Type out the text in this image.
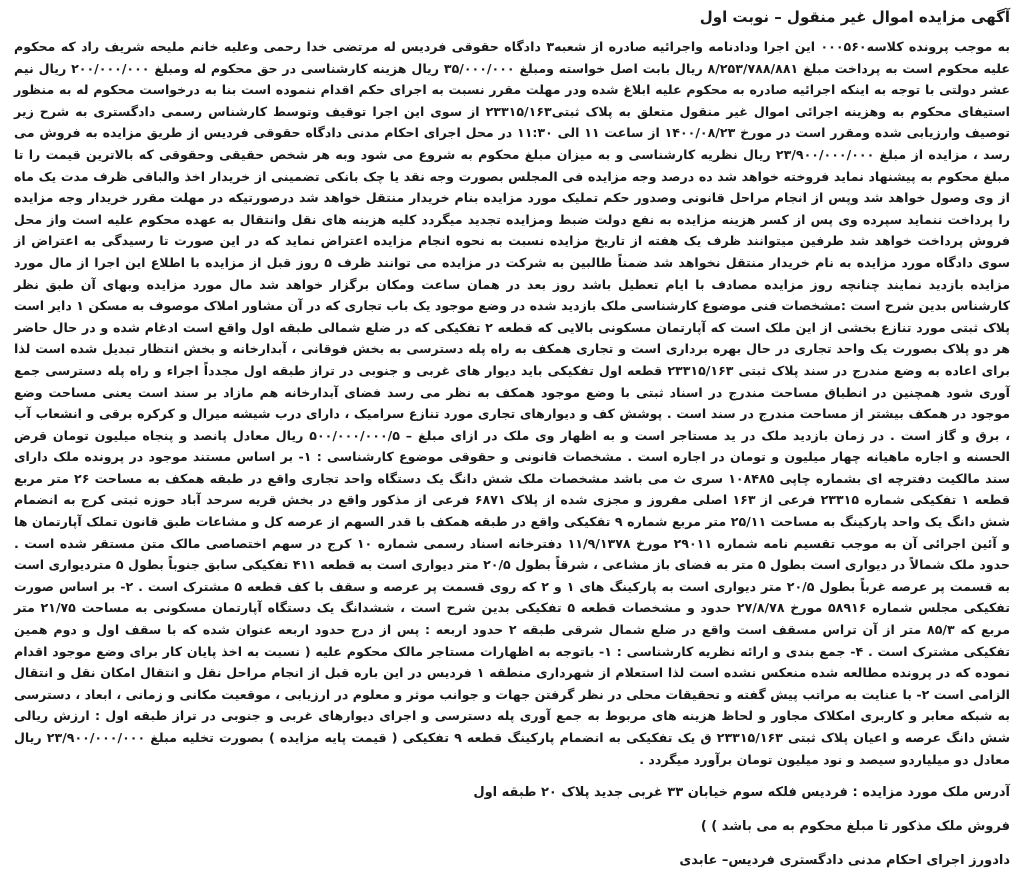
آگهی مزایده اموال غیر منقول – نوبت اول

به موجب پرونده کلاسه۰۰۰۵۶۰ این اجرا ودادنامه واجرائیه صادره از شعبه۳ دادگاه حقوقی فردیس له مرتضی خدا رحمی وعلیه خانم ملیحه شریف راد که محکوم علیه محکوم است به پرداخت مبلغ ۸/۲۵۳/۷۸۸/۸۸۱ ریال بابت اصل خواسته ومبلغ ۳۵/۰۰۰/۰۰۰ ریال هزینه کارشناسی در حق محکوم له ومبلغ ۲۰۰/۰۰۰/۰۰۰ ریال نیم عشر دولتی با توجه به اینکه اجرائیه صادره به محکوم علیه ابلاغ شده ودر مهلت مقرر نسبت به اجرای حکم اقدام ننموده است بنا به درخواست محکوم له به منظور استیفای محکوم به وهزینه اجرائی اموال غیر منقول متعلق به پلاک ثبتی۲۳۳۱۵/۱۶۳ از سوی این اجرا توقیف وتوسط کارشناس رسمی دادگستری به شرح زیر توصیف وارزیابی شده ومقرر است در مورخ ۱۴۰۰/۰۸/۲۳ از ساعت ۱۱ الی ۱۱:۳۰ در محل اجرای احکام مدنی دادگاه حقوقی فردیس از طریق مزایده به فروش می رسد ، مزایده از مبلغ ۲۳/۹۰۰/۰۰۰/۰۰۰ ریال نظریه کارشناسی و به میزان مبلغ محکوم به شروع می شود وبه هر شخص حقیقی وحقوقی که بالاترین قیمت را تا مبلغ محکوم به پیشنهاد نماید فروخته خواهد شد ده درصد وجه مزایده فی المجلس بصورت وجه نقد یا چک بانکی تضمینی از خریدار اخذ والباقی ظرف مدت یک ماه از وی وصول خواهد شد وپس از انجام مراحل قانونی وصدور حکم تملیک مورد مزایده بنام خریدار منتقل خواهد شد درصورتیکه در مهلت مقرر خریدار وجه مزایده را پرداخت ننماید سپرده وی پس از کسر هزینه مزایده به نفع دولت ضبط ومزایده تجدید میگردد کلیه هزینه های نقل وانتقال به عهده محکوم علیه است واز محل فروش پرداخت خواهد شد طرفین میتوانند ظرف یک هفته از تاریخ مزایده نسبت به نحوه انجام مزایده اعتراض نماید که در این صورت تا رسیدگی به اعتراض از سوی دادگاه مورد مزایده به نام خریدار منتقل نخواهد شد ضمناً طالبین به شرکت در مزایده می توانند ظرف ۵ روز قبل از مزایده با اطلاع این اجرا از مال مورد مزایده بازدید نمایند چنانچه روز مزایده مصادف با ایام تعطیل باشد روز بعد در همان ساعت ومکان برگزار خواهد شد مال مورد مزایده وبهای آن طبق نظر کارشناس بدین شرح است :مشخصات فنی موضوع کارشناسی ملک بازدید شده در وضع موجود یک باب تجاری که در آن مشاور املاک موصوف به مسکن ۱ دایر است پلاک ثبتی مورد تنازع بخشی از این ملک است که آپارتمان مسکونی بالایی که قطعه ۲ تفکیکی که در ضلع شمالی طبقه اول واقع است ادغام شده و در حال حاضر هر دو پلاک بصورت یک واحد تجاری در حال بهره برداری است و تجاری همکف به راه پله دسترسی به بخش فوقانی ، آبدارخانه و بخش انتظار تبدیل شده است لذا برای اعاده به وضع مندرج در سند پلاک ثبتی ۲۳۳۱۵/۱۶۳ قطعه اول تفکیکی باید دیوار های غربی و جنوبی در تراز طبقه اول مجدداً اجراء و راه پله دسترسی جمع آوری شود همچنین در انطباق مساحت مندرج در اسناد ثبتی با وضع موجود همکف به نظر می رسد فضای آبدارخانه هم مازاد بر سند است یعنی مساحت وضع موجود در همکف بیشتر از مساحت مندرج در سند است . پوشش کف و دیوارهای تجاری مورد تنازع سرامیک ، دارای درب شیشه میرال و کرکره برقی و انشعاب آب ، برق و گاز است . در زمان بازدید ملک در ید مستاجر است و به اظهار وی ملک در ازای مبلغ – ۵۰۰/۰۰۰/۰۰۰/۵ ریال معادل پانصد و پنجاه میلیون تومان قرض الحسنه و اجاره ماهیانه چهار میلیون و تومان در اجاره است . مشخصات قانونی و حقوقی موضوع کارشناسی : ۱- بر اساس مستند موجود در پرونده ملک دارای سند مالکیت دفترچه ای بشماره چاپی ۱۰۸۴۸۵ سری ث می باشد مشخصات ملک شش دانگ یک دستگاه واحد تجاری واقع در طبقه همکف به مساحت ۲۶ متر مربع قطعه ۱ تفکیکی شماره ۲۳۳۱۵ فرعی از ۱۶۳ اصلی مفروز و مجزی شده از پلاک ۶۸۷۱ فرعی از مذکور واقع در بخش قریه سرحد آباد حوزه ثبتی کرج به انضمام شش دانگ یک واحد پارکینگ به مساحت ۲۵/۱۱ متر مربع شماره ۹ تفکیکی واقع در طبقه همکف با قدر السهم از عرصه کل و مشاعات طبق قانون تملک آپارتمان ها و آئین اجرائی آن به موجب تقسیم نامه شماره ۲۹۰۱۱ مورخ ۱۱/۹/۱۳۷۸ دفترخانه اسناد رسمی شماره ۱۰ کرج در سهم اختصاصی مالک متن مستقر شده است . حدود ملک شمالاً در دیواری است بطول ۵ متر به فضای باز مشاعی ، شرقاً بطول ۲۰/۵ متر دیواری است به قطعه ۴۱۱ تفکیکی سابق جنوباً بطول ۵ متردیواری است به قسمت پر عرصه غرباً بطول ۲۰/۵ متر دیواری است به پارکینگ های ۱ و ۲ که روی قسمت پر عرصه و سقف با کف قطعه ۵ مشترک است . ۲- بر اساس صورت تفکیکی مجلس شماره ۵۸۹۱۶ مورخ ۲۷/۸/۷۸ حدود و مشخصات قطعه ۵ تفکیکی بدین شرح است ، ششدانگ یک دستگاه آپارتمان مسکونی به مساحت ۲۱/۷۵ متر مربع که ۸۵/۳ متر از آن تراس مسقف است واقع در ضلع شمال شرقی طبقه ۲ حدود اربعه : پس از درج حدود اربعه عنوان شده که با سقف اول و دوم همین تفکیکی مشترک است . ۴- جمع بندی و ارائه نظریه کارشناسی : ۱- باتوجه به اظهارات مستاجر مالک محکوم علیه ( نسبت به اخذ پایان کار برای وضع موجود اقدام نموده که در پرونده مطالعه شده منعکس نشده است لذا استعلام از شهرداری منطقه ۱ فردیس در این باره قبل از انجام مراحل نقل و انتقال امکان نقل و انتقال الزامی است ۲- با عنایت به مراتب پیش گفته و تحقیقات محلی در نظر گرفتن جهات و جوانب موثر و معلوم در ارزیابی ، موقعیت مکانی و زمانی ، ابعاد ، دسترسی به شبکه معابر و کاربری امکلاک مجاور و لحاظ هزینه های مربوط به جمع آوری پله دسترسی و اجرای دیوارهای غربی و جنوبی در تراز طبقه اول : ارزش ریالی شش دانگ عرصه و اعیان پلاک ثبتی ۲۳۳۱۵/۱۶۳ ق یک تفکیکی به انضمام پارکینگ قطعه ۹ تفکیکی ( قیمت پایه مزایده ) بصورت تخلیه مبلغ ۲۳/۹۰۰/۰۰۰/۰۰۰ ریال معادل دو میلیاردو سیصد و نود میلیون تومان برآورد میگردد .

آدرس ملک مورد مزایده : فردیس فلکه سوم خیابان ۳۳ غربی جدید پلاک ۲۰ طبقه اول

فروش ملک مذکور تا مبلغ محکوم به می باشد ) )

دادورز اجرای احکام مدنی دادگستری فردیس– عابدی
